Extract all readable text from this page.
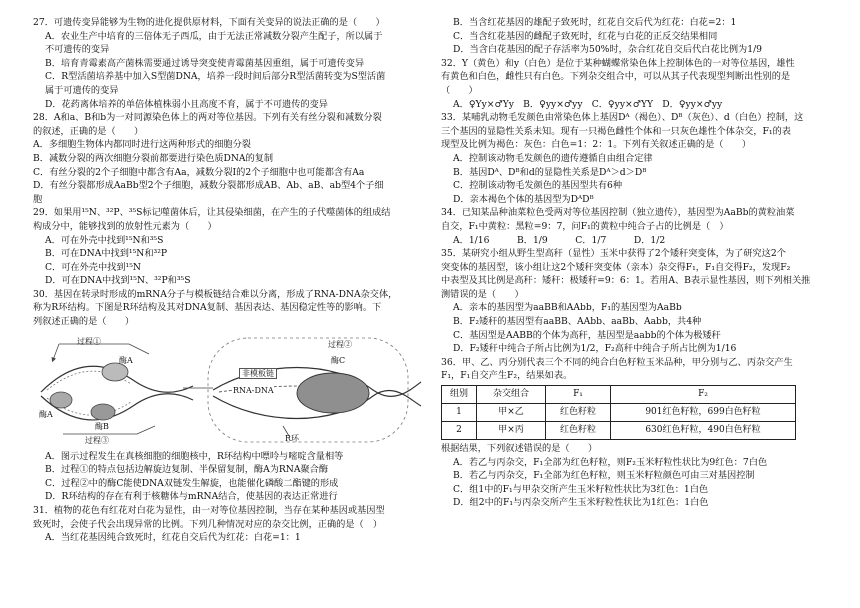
27．可遗传变异能够为生物的进化提供原材料，下面有关变异的说法正确的是（　　）
A．农业生产中培育的三倍体无子西瓜，由于无法正常减数分裂产生配子，所以属于
不可遗传的变异
B．培育青霉素高产菌株需要通过诱导突变使青霉菌基因重组，属于可遗传变异
C．R型活菌培养基中加入S型菌DNA，培养一段时间后部分R型活菌转变为S型活菌
属于可遗传的变异
D．花药离体培养的单倍体植株弱小且高度不育，属于不可遗传的变异
28．A和a、B和b为一对同源染色体上的两对等位基因。下列有关有丝分裂和减数分裂
的叙述，正确的是（　　）
A．多细胞生物体内都同时进行这两种形式的细胞分裂
B．减数分裂的两次细胞分裂前都要进行染色质DNA的复制
C．有丝分裂的2个子细胞中都含有Aa，减数分裂Ⅰ的2个子细胞中也可能都含有Aa
D．有丝分裂都形成AaBb型2个子细胞，减数分裂都形成AB、Ab、aB、ab型4个子细
胞
29．如果用¹⁵N、³²P、³⁵S标记噬菌体后，让其侵染细菌，在产生的子代噬菌体的组成结
构成分中，能够找到的放射性元素为（　　）
A．可在外壳中找到¹⁵N和³⁵S
B．可在DNA中找到¹⁵N和³²P
C．可在外壳中找到¹⁵N
D．可在DNA中找到¹⁵N、³²P和³⁵S
30．基因在转录时形成的mRNA分子与模板链结合难以分离，形成了RNA-DNA杂交体，
称为R环结构。下图是R环结构及其对DNA复制、基因表达、基因稳定性等的影响。下
列叙述正确的是（　　）
过程①
酶A
酶A
酶B
过程③
过程②
酶C
非模板链
RNA-DNA
R环
A．图示过程发生在真核细胞的细胞核中，R环结构中嘌呤与嘧啶含量相等
B．过程①的特点包括边解旋边复制、半保留复制，酶A为RNA聚合酶
C．过程②中的酶C能使DNA双链发生解旋，也能催化磷酸二酯键的形成
D．R环结构的存在有利于核糖体与mRNA结合，使基因的表达正常进行
31．植物的花色有红花对白花为显性，由一对等位基因控制，当存在某种基因或基因型
致死时，会使子代会出现异常的比例。下列几种情况对应的杂交比例，正确的是（　）
A．当红花基因纯合致死时，红花自交后代为红花：白花=1：1
B．当含红花基因的雄配子致死时，红花自交后代为红花：白花=2：1
C．当含红花基因的雌配子致死时，红花与白花的正反交结果相同
D．当含白花基因的配子存活率为50%时，杂合红花自交后代白花比例为1/9
32．Y（黄色）和y（白色）是位于某种蝴蝶常染色体上控制体色的一对等位基因，雄性
有黄色和白色，雌性只有白色。下列杂交组合中，可以从其子代表现型判断出性别的是
（　　）
A．♀Yy×♂Yy　B．♀yy×♂yy　C．♀yy×♂YY　D．♀yy×♂yy
33．某哺乳动物毛发颜色由常染色体上基因Dᴬ（褐色）、Dᴮ（灰色）、d（白色）控制，这
三个基因的显隐性关系未知。现有一只褐色雌性个体和一只灰色雄性个体杂交，F₁的表
现型及比例为褐色：灰色：白色=1：2：1。下列有关叙述正确的是（　　）
A．控制该动物毛发颜色的遗传遵循自由组合定律
B．基因Dᴬ、Dᴮ和d的显隐性关系是Dᴬ＞d＞Dᴮ
C．控制该动物毛发颜色的基因型共有6种
D．亲本褐色个体的基因型为DᴬDᴮ
34．已知某品种油菜粒色受两对等位基因控制（独立遗传），基因型为AaBb的黄粒油菜
自交，F₁中黄粒：黑粒=9：7，问F₁的黄粒中纯合子占的比例是（　）
A．1/16　　　B．1/9　　　C．1/7　　　D．1/2
35．某研究小组从野生型高秆（显性）玉米中获得了2个矮秆突变体，为了研究这2个
突变体的基因型，该小组让这2个矮秆突变体（亲本）杂交得F₁，F₁自交得F₂，发现F₂
中表型及其比例是高秆：矮秆：极矮秆=9：6：1。若用A、B表示显性基因，则下列相关推
测错误的是（　　）
A．亲本的基因型为aaBB和AAbb，F₁的基因型为AaBb
B．F₂矮秆的基因型有aaBB、AAbb、aaBb、Aabb，共4种
C．基因型是AABB的个体为高秆，基因型是aabb的个体为极矮秆
D．F₂矮秆中纯合子所占比例为1/2，F₂高秆中纯合子所占比例为1/16
36．甲、乙、丙分别代表三个不同的纯合白色籽粒玉米品种，甲分别与乙、丙杂交产生
F₁，F₁自交产生F₂，结果如表。
组别	杂交组合	F₁	F₂
1	甲×乙	红色籽粒	901红色籽粒，699白色籽粒
2	甲×丙	红色籽粒	630红色籽粒，490白色籽粒
根据结果，下列叙述错误的是（　　）
A．若乙与丙杂交，F₁全部为红色籽粒，则F₂玉米籽粒性状比为9红色：7白色
B．若乙与丙杂交，F₁全部为红色籽粒，则玉米籽粒颜色可由三对基因控制
C．组1中的F₁与甲杂交所产生玉米籽粒性状比为3红色：1白色
D．组2中的F₁与丙杂交所产生玉米籽粒性状比为1红色：1白色
